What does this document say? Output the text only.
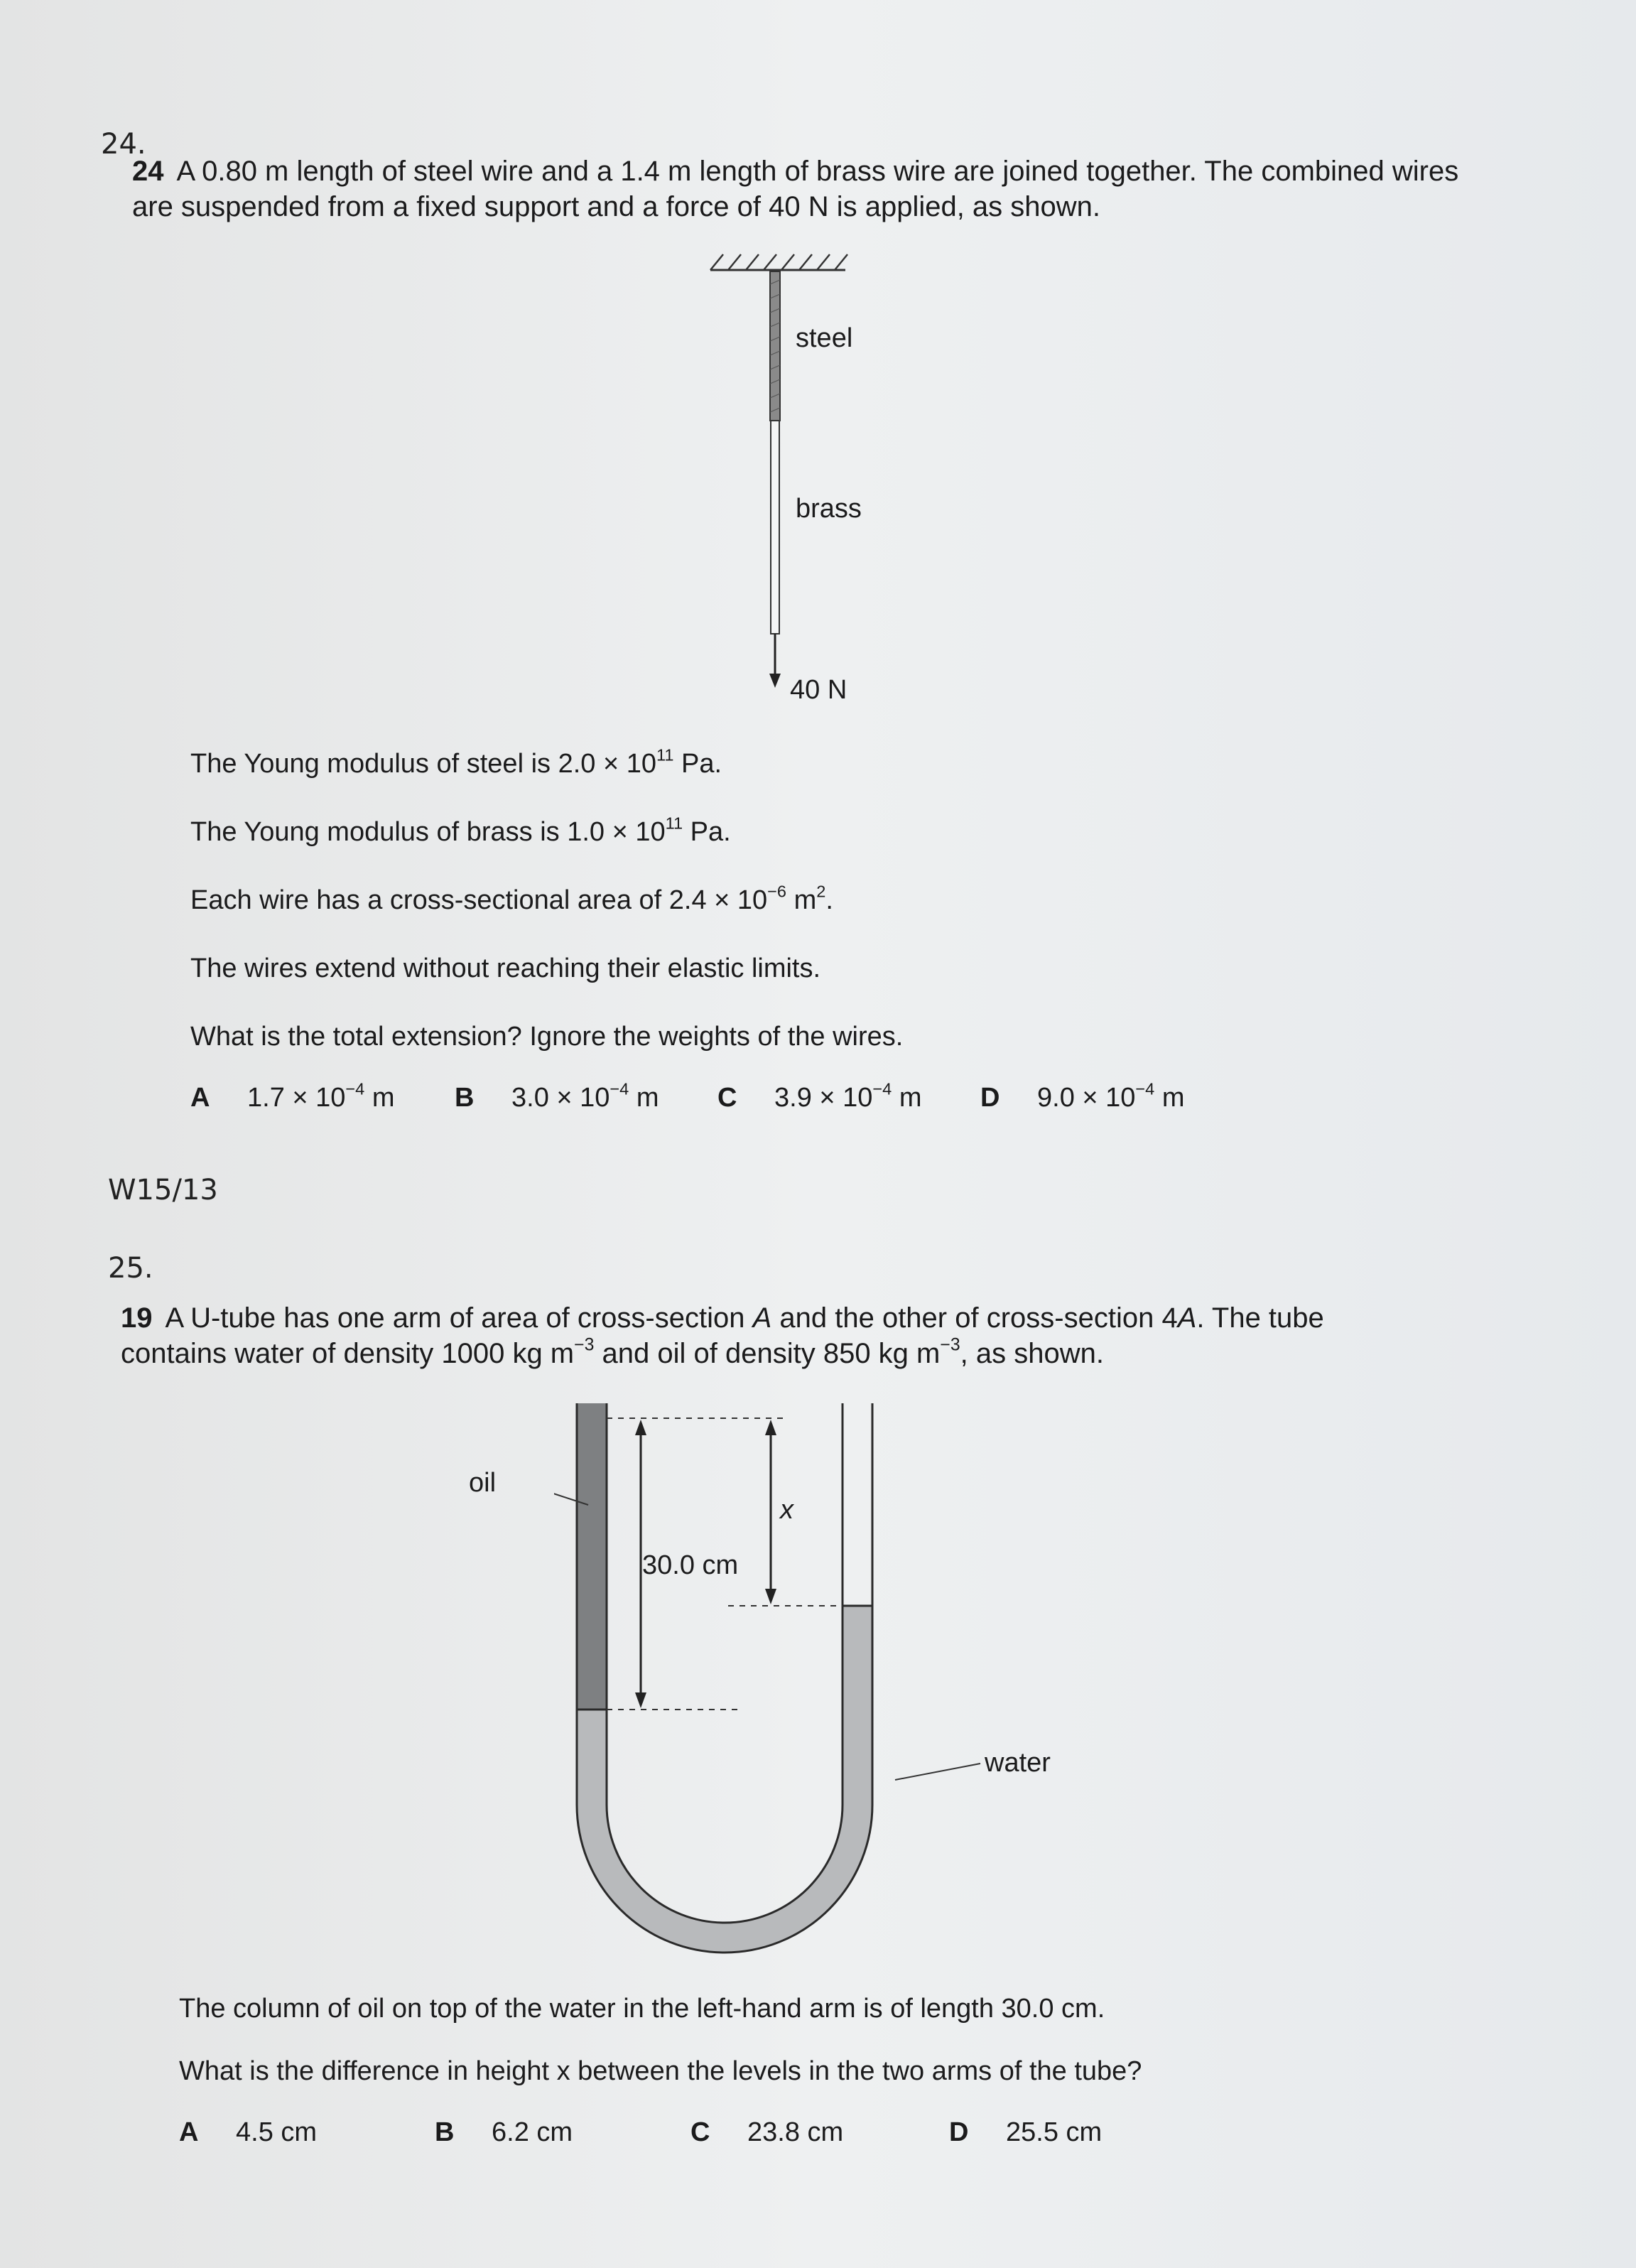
24.
24 A 0.80 m length of steel wire and a 1.4 m length of brass wire are joined together. The combined wires are suspended from a fixed support and a force of 40 N is applied, as shown.
steel
brass
40 N
The Young modulus of steel is $2.0 \times 10^{11}$ Pa.
The Young modulus of brass is $1.0 \times 10^{11}$ Pa.
Each wire has a cross-sectional area of $2.4 \times 10^{-6}$ $m^2$.
The wires extend without reaching their elastic limits.
What is the total extension? Ignore the weights of the wires.
A $1.7 \times 10^{-4}$ m B $3.0 \times 10^{-4}$ m C $3.9 \times 10^{-4}$ m D $9.0 \times 10^{-4}$ m
W15/13
25.
19 A U-tube has one arm of area of cross-section A and the other of cross-section 4A. The tube contains water of density 1000 kg $m^{-3}$ and oil of density 850 kg $m^{-3}$, as shown.
oil
x
30.0 cm
water
The column of oil on top of the water in the left-hand arm is of length 30.0 cm.
What is the difference in height x between the levels in the two arms of the tube?
A 4.5 cm	B 6.2 cm	C 23.8 cm	D 25.5 cm
